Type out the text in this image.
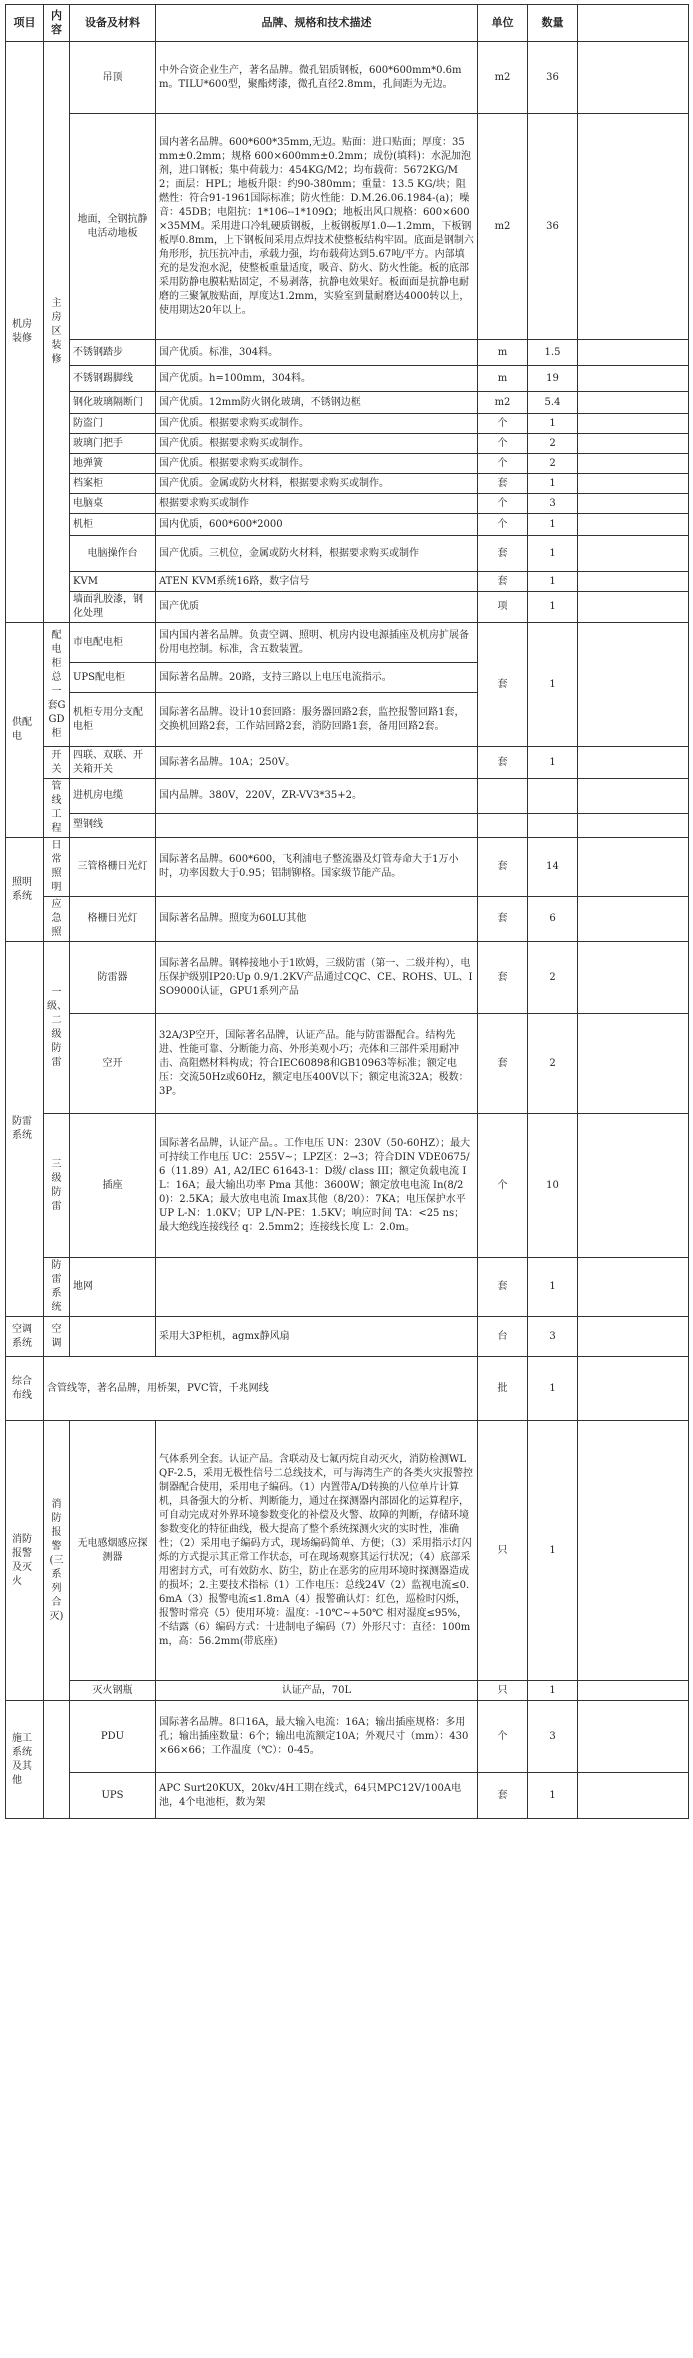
项目	内容	设备及材料	品牌、规格和技术描述	单位	数量	
机房装修	主房区装修	吊顶	中外合资企业生产，著名品牌。微孔铝质钢板，600*600mm*0.6mm。TILU*600型，聚酯烤漆，微孔直径2.8mm，孔间距为无边。	m2	36	
		地面，全钢抗静电活动地板	国内著名品牌。600*600*35mm,无边。贴面：进口贴面；厚度：35mm±0.2mm；规格 600×600mm±0.2mm；成份(填料)：水泥加泡剂，进口钢板；集中荷载力：454KG/M2；均布载荷：5672KG/M2；面层：HPL；地板升限：约90-380mm；重量：13.5 KG/块；阻燃性：符合91-1961国际标准；防火性能：D.M.26.06.1984-(a)；噪音：45DB；电阻抗：1*106--1*109Ω；地板出风口规格：600×600×35MM。采用进口冷轧硬质钢板，上板钢板厚1.0—1.2mm，下板钢板厚0.8mm，上下钢板间采用点焊技术使整板结构牢固。底面是钢制六角形形，抗压抗冲击，承载力强，均布载荷达到5.67吨/平方。内部填充的是发泡水泥，使整板重量适度，吸音、防火、防火性能。板的底部采用防静电膜粘贴固定，不易剥落，抗静电效果好。板面面是抗静电耐磨的三聚氰胺贴面，厚度达1.2mm，实验室到量耐磨达4000转以上，使用期达20年以上。	m2	36	
		不锈钢踏步	国产优质。标准，304料。	m	1.5	
		不锈钢踢脚线	国产优质。h=100mm，304料。	m	19	
		钢化玻璃隔断门	国产优质。12mm防火钢化玻璃，不锈钢边框	m2	5.4	
		防盗门	国产优质。根据要求购买或制作。	个	1	
		玻璃门把手	国产优质。根据要求购买或制作。	个	2	
		地弹簧	国产优质。根据要求购买或制作。	个	2	
		档案柜	国产优质。金属或防火材料，根据要求购买或制作。	套	1	
		电脑桌	根据要求购买或制作	个	3	
		机柜	国内优质，600*600*2000	个	1	
		电脑操作台	国产优质。三机位，金属或防火材料，根据要求购买或制作	套	1	
		KVM	ATEN KVM系统16路，数字信号	套	1	
		墙面乳胶漆，钢化处理	国产优质	项	1	
供配电	配电柜总一套GGD柜	市电配电柜	国内国内著名品牌。负责空调、照明、机房内设电源插座及机房扩展备份用电控制。标准，含五数装置。	套	1	
		UPS配电柜	国际著名品牌。20路，支持三路以上电压电流指示。			
		机柜专用分支配电柜	国际著名品牌。设计10套回路：服务器回路2套，监控报警回路1套，交换机回路2套，工作站回路2套，消防回路1套，备用回路2套。			
	开关	四联、双联、开关箱开关	国际著名品牌。10A；250V。	套	1	
	管线工程	进机房电缆	国内品牌。380V，220V，ZR-VV3*35+2。			
		塑钢线				
照明系统	日常照明	三管格栅日光灯	国际著名品牌。600*600，飞利浦电子整流器及灯管寿命大于1万小时，功率因数大于0.95；铝制铆格。国家级节能产品。	套	14	
	应急照	格栅日光灯	国际著名品牌。照度为60LU其他	套	6	
防雷系统	一级、二级防雷	防雷器	国际著名品牌。钢棒接地小于1欧姆，三级防雷（第一、二级并构），电压保护级别IP20:Up 0.9/1.2KV产品通过CQC、CE、ROHS、UL、ISO9000认证，GPU1系列产品	套	2	
		空开	32A/3P空开，国际著名品牌，认证产品。能与防雷器配合。结构先进、性能可靠、分断能力高、外形美观小巧；壳体和三部件采用耐冲击、高阻燃材料构成；符合IEC60898和GB10963等标准；额定电压：交流50Hz或60Hz，额定电压400V以下；额定电流32A；极数：3P。	套	2	
	三级防雷	插座	国际著名品牌，认证产品。。工作电压 UN：230V（50-60HZ）；最大可持续工作电压 UC：255V~；LPZ区：2→3；符合DIN VDE0675/6（11.89）A1, A2/IEC 61643-1：D级/ class III；额定负载电流 IL：16A；最大输出功率 Pma 其他：3600W；额定放电电流 In(8/20)：2.5KA；最大放电电流 Imax其他（8/20）：7KA；电压保护水平 UP L-N：1.0KV；UP L/N-PE：1.5KV；响应时间 TA：<25 ns；最大绝线连接线径 q：2.5mm2；连接线长度 L：2.0m。	个	10	
	防雷系统	地网		套	1	
空调系统	空调		采用大3P柜机，agmx静风扇	台	3	
综合布线	含管线等，著名品牌，用桥架，PVC管，千兆网线			批	1	
消防报警及灭火	消防报警(三系列合灭)	无电感烟感应探测器	气体系列全套。认证产品。含联动及七氟丙烷自动灭火，消防检测WLQF-2.5，采用无极性信号二总线技术，可与海湾生产的各类火灾报警控制器配合使用，采用电子编码。（1）内置带A/D转换的八位单片计算机，具备强大的分析、判断能力，通过在探测器内部固化的运算程序，可自动完成对外界环境参数变化的补偿及火警、故障的判断，存储环境参数变化的特征曲线，极大提高了整个系统探测火灾的实时性，准确性；（2）采用电子编码方式，现场编码简单、方便；（3）采用指示灯闪烁的方式提示其正常工作状态，可在现场观察其运行状况；（4）底部采用密封方式，可有效防水、防尘，防止在恶劣的应用环境时探测器造成的损坏；2.主要技术指标（1）工作电压：总线24V（2）监视电流≤0.6mA（3）报警电流≤1.8mA（4）报警确认灯：红色，巡检时闪烁，报警时常亮（5）使用环境：温度：-10℃~+50℃ 相对湿度≤95%，不结露（6）编码方式：十进制电子编码（7）外形尺寸：直径：100mm，高：56.2mm(带底座)	只	1	
		灭火钢瓶	认证产品，70L	只	1	
施工系统及其他		PDU	国际著名品牌。8口16A，最大输入电流：16A；输出插座规格：多用孔；输出插座数量：6个；输出电流额定10A；外观尺寸（mm）：430×66×66；工作温度（℃）：0-45。	个	3	
		UPS	APC Surt20KUX，20kv/4H工期在线式，64只MPC12V/100A电池，4个电池柜，数为架	套	1	
